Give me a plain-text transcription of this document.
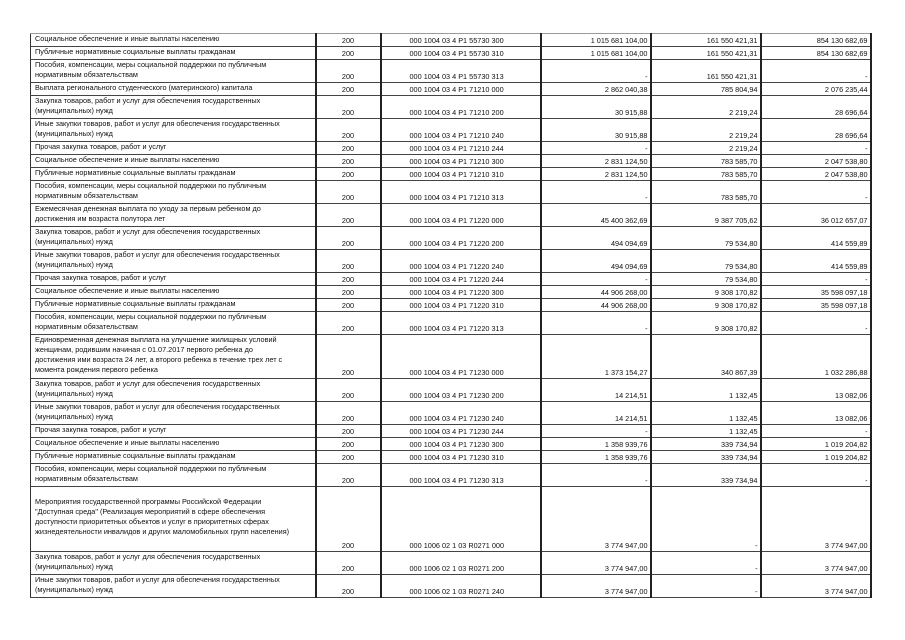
Социальное обеспечение и иные выплаты населению	200	000 1004 03 4 P1 55730 300	1 015 681 104,00	161 550 421,31	854 130 682,69
Публичные нормативные социальные выплаты гражданам	200	000 1004 03 4 P1 55730 310	1 015 681 104,00	161 550 421,31	854 130 682,69
Пособия, компенсации, меры социальной поддержки по публичным
нормативным обязательствам	200	000 1004 03 4 P1 55730 313	-	161 550 421,31	-
Выплата регионального студенческого (материнского) капитала	200	000 1004 03 4 P1 71210 000	2 862 040,38	785 804,94	2 076 235,44
Закупка товаров, работ и услуг для обеспечения государственных
(муниципальных) нужд	200	000 1004 03 4 P1 71210 200	30 915,88	2 219,24	28 696,64
Иные закупки товаров, работ и услуг для обеспечения государственных
(муниципальных) нужд	200	000 1004 03 4 P1 71210 240	30 915,88	2 219,24	28 696,64
Прочая закупка товаров, работ и услуг	200	000 1004 03 4 P1 71210 244	-	2 219,24	-
Социальное обеспечение и иные выплаты населению	200	000 1004 03 4 P1 71210 300	2 831 124,50	783 585,70	2 047 538,80
Публичные нормативные социальные выплаты гражданам	200	000 1004 03 4 P1 71210 310	2 831 124,50	783 585,70	2 047 538,80
Пособия, компенсации, меры социальной поддержки по публичным
нормативным обязательствам	200	000 1004 03 4 P1 71210 313	-	783 585,70	-
Ежемесячная денежная выплата по уходу за первым ребенком до
достижения им возраста полутора лет	200	000 1004 03 4 P1 71220 000	45 400 362,69	9 387 705,62	36 012 657,07
Закупка товаров, работ и услуг для обеспечения государственных
(муниципальных) нужд	200	000 1004 03 4 P1 71220 200	494 094,69	79 534,80	414 559,89
Иные закупки товаров, работ и услуг для обеспечения государственных
(муниципальных) нужд	200	000 1004 03 4 P1 71220 240	494 094,69	79 534,80	414 559,89
Прочая закупка товаров, работ и услуг	200	000 1004 03 4 P1 71220 244	-	79 534,80	-
Социальное обеспечение и иные выплаты населению	200	000 1004 03 4 P1 71220 300	44 906 268,00	9 308 170,82	35 598 097,18
Публичные нормативные социальные выплаты гражданам	200	000 1004 03 4 P1 71220 310	44 906 268,00	9 308 170,82	35 598 097,18
Пособия, компенсации, меры социальной поддержки по публичным
нормативным обязательствам	200	000 1004 03 4 P1 71220 313	-	9 308 170,82	-
Единовременная денежная выплата на улучшение жилищных условий
женщинам, родившим начиная с 01.07.2017 первого ребенка до
достижения ими возраста 24 лет, а второго ребенка в течение трех лет с
момента рождения первого ребенка	200	000 1004 03 4 P1 71230 000	1 373 154,27	340 867,39	1 032 286,88
Закупка товаров, работ и услуг для обеспечения государственных
(муниципальных) нужд	200	000 1004 03 4 P1 71230 200	14 214,51	1 132,45	13 082,06
Иные закупки товаров, работ и услуг для обеспечения государственных
(муниципальных) нужд	200	000 1004 03 4 P1 71230 240	14 214,51	1 132,45	13 082,06
Прочая закупка товаров, работ и услуг	200	000 1004 03 4 P1 71230 244	-	1 132,45	-
Социальное обеспечение и иные выплаты населению	200	000 1004 03 4 P1 71230 300	1 358 939,76	339 734,94	1 019 204,82
Публичные нормативные социальные выплаты гражданам	200	000 1004 03 4 P1 71230 310	1 358 939,76	339 734,94	1 019 204,82
Пособия, компенсации, меры социальной поддержки по публичным
нормативным обязательствам	200	000 1004 03 4 P1 71230 313	-	339 734,94	-
Мероприятия государственной программы Российской Федерации
"Доступная среда" (Реализация мероприятий в сфере обеспечения
доступности приоритетных объектов и услуг в приоритетных сферах
жизнедеятельности инвалидов и других маломобильных групп населения)	200	000 1006 02 1 03 R0271 000	3 774 947,00	-	3 774 947,00
Закупка товаров, работ и услуг для обеспечения государственных
(муниципальных) нужд	200	000 1006 02 1 03 R0271 200	3 774 947,00	-	3 774 947,00
Иные закупки товаров, работ и услуг для обеспечения государственных
(муниципальных) нужд	200	000 1006 02 1 03 R0271 240	3 774 947,00	-	3 774 947,00
